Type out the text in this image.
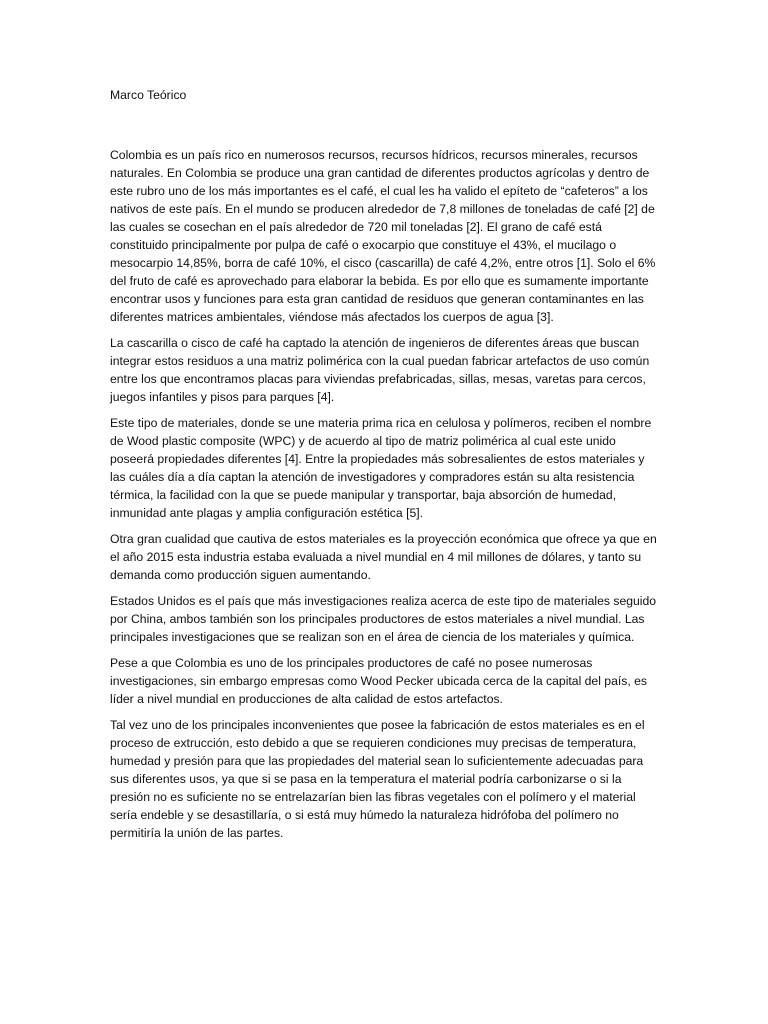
Marco Teórico

Colombia es un país rico en numerosos recursos, recursos hídricos, recursos minerales, recursos naturales. En Colombia se produce una gran cantidad de diferentes productos agrícolas y dentro de este rubro uno de los más importantes es el café, el cual les ha valido el epíteto de “cafeteros” a los nativos de este país. En el mundo se producen alrededor de 7,8 millones de toneladas de café [2] de las cuales se cosechan en el país alrededor de 720 mil toneladas [2]. El grano de café está constituido principalmente por pulpa de café o exocarpio que constituye el 43%, el mucilago o mesocarpio 14,85%, borra de café 10%, el cisco (cascarilla) de café 4,2%, entre otros [1]. Solo el 6% del fruto de café es aprovechado para elaborar la bebida. Es por ello que es sumamente importante encontrar usos y funciones para esta gran cantidad de residuos que generan contaminantes en las diferentes matrices ambientales, viéndose más afectados los cuerpos de agua [3].

La cascarilla o cisco de café ha captado la atención de ingenieros de diferentes áreas que buscan integrar estos residuos a una matriz polimérica con la cual puedan fabricar artefactos de uso común entre los que encontramos placas para viviendas prefabricadas, sillas, mesas, varetas para cercos, juegos infantiles y pisos para parques [4].

Este tipo de materiales, donde se une materia prima rica en celulosa y polímeros, reciben el nombre de Wood plastic composite (WPC) y de acuerdo al tipo de matriz polimérica al cual este unido poseerá propiedades diferentes [4]. Entre la propiedades más sobresalientes de estos materiales y las cuáles día a día captan la atención de investigadores y compradores están su alta resistencia térmica, la facilidad con la que se puede manipular y transportar, baja absorción de humedad, inmunidad ante plagas y amplia configuración estética [5].

Otra gran cualidad que cautiva de estos materiales es la proyección económica que ofrece ya que en el año 2015 esta industria estaba evaluada a nivel mundial en 4 mil millones de dólares, y tanto su demanda como producción siguen aumentando.

Estados Unidos es el país que más investigaciones realiza acerca de este tipo de materiales seguido por China, ambos también son los principales productores de estos materiales a nivel mundial. Las principales investigaciones que se realizan son en el área de ciencia de los materiales y química.

Pese a que Colombia es uno de los principales productores de café no posee numerosas investigaciones, sin embargo empresas como Wood Pecker ubicada cerca de la capital del país, es líder a nivel mundial en producciones de alta calidad de estos artefactos.

Tal vez uno de los principales inconvenientes que posee la fabricación de estos materiales es en el proceso de extrucción, esto debido a que se requieren condiciones muy precisas de temperatura, humedad y presión para que las propiedades del material sean lo suficientemente adecuadas para sus diferentes usos, ya que si se pasa en la temperatura el material podría carbonizarse o si la presión no es suficiente no se entrelazarían bien las fibras vegetales con el polímero y el material sería endeble y se desastillaría, o si está muy húmedo la naturaleza hidrófoba del polímero no permitiría la unión de las partes.
